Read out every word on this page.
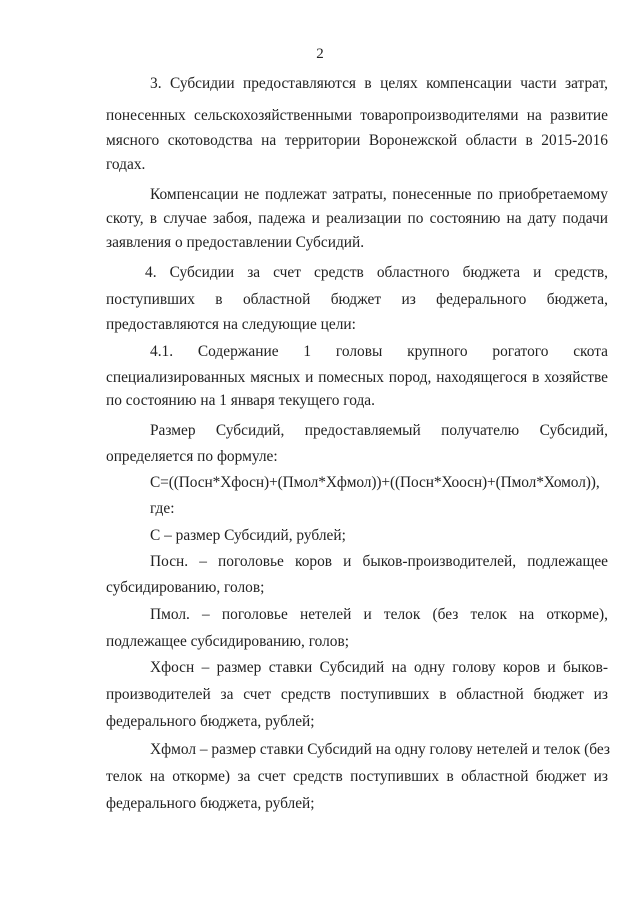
2
3. Субсидии предоставляются в целях компенсации части затрат,
понесенных сельскохозяйственными товаропроизводителями на развитие
мясного скотоводства на территории Воронежской области в 2015-2016
годах.
Компенсации не подлежат затраты, понесенные по приобретаемому
скоту, в случае забоя, падежа и реализации по состоянию на дату подачи
заявления о предоставлении Субсидий.
4. Субсидии за счет средств областного бюджета и средств,
поступивших в областной бюджет из федерального бюджета,
предоставляются на следующие цели:
4.1. Содержание 1 головы крупного рогатого скота
специализированных мясных и помесных пород, находящегося в хозяйстве
по состоянию на 1 января текущего года.
Размер Субсидий, предоставляемый получателю Субсидий,
определяется по формуле:
С=((Посн*Хфосн)+(Пмол*Хфмол))+((Посн*Хоосн)+(Пмол*Хомол)),
где:
С – размер Субсидий, рублей;
Посн. – поголовье коров и быков-производителей, подлежащее
субсидированию, голов;
Пмол. – поголовье нетелей и телок (без телок на откорме),
подлежащее субсидированию, голов;
Хфосн – размер ставки Субсидий на одну голову коров и быков-
производителей за счет средств поступивших в областной бюджет из
федерального бюджета, рублей;
Хфмол – размер ставки Субсидий на одну голову нетелей и телок (без
телок на откорме) за счет средств поступивших в областной бюджет из
федерального бюджета, рублей;
